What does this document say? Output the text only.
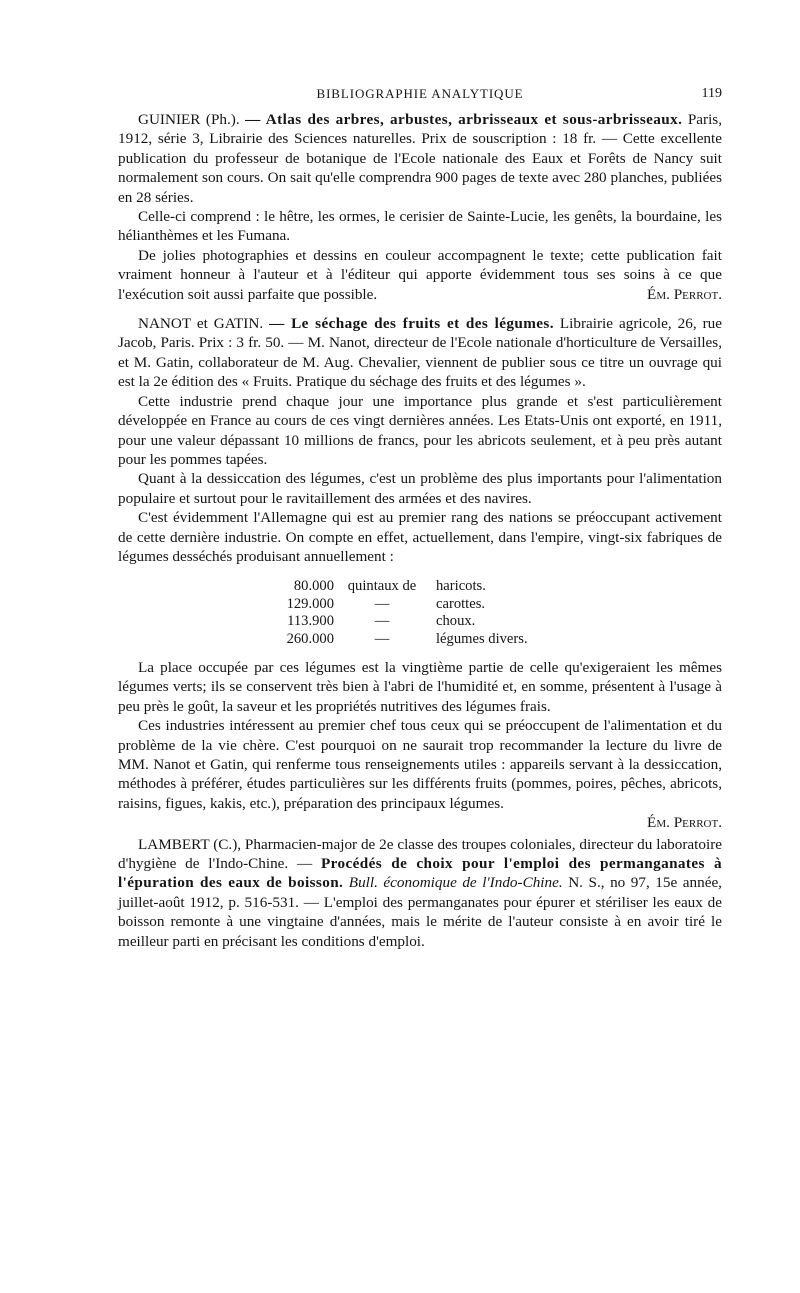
BIBLIOGRAPHIE ANALYTIQUE	119

GUINIER (Ph.). — Atlas des arbres, arbustes, arbrisseaux et sous-arbrisseaux. Paris, 1912, série 3, Librairie des Sciences naturelles. Prix de souscription : 18 fr. — Cette excellente publication du professeur de botanique de l'Ecole nationale des Eaux et Forêts de Nancy suit normalement son cours. On sait qu'elle comprendra 900 pages de texte avec 280 planches, publiées en 28 séries.

Celle-ci comprend : le hêtre, les ormes, le cerisier de Sainte-Lucie, les genêts, la bourdaine, les hélianthèmes et les Fumana.

De jolies photographies et dessins en couleur accompagnent le texte; cette publication fait vraiment honneur à l'auteur et à l'éditeur qui apporte évidemment tous ses soins à ce que l'exécution soit aussi parfaite que possible.	Ém. Perrot.

NANOT et GATIN. — Le séchage des fruits et des légumes. Librairie agricole, 26, rue Jacob, Paris. Prix : 3 fr. 50. — M. Nanot, directeur de l'Ecole nationale d'horticulture de Versailles, et M. Gatin, collaborateur de M. Aug. Chevalier, viennent de publier sous ce titre un ouvrage qui est la 2e édition des « Fruits. Pratique du séchage des fruits et des légumes ».

Cette industrie prend chaque jour une importance plus grande et s'est particulièrement développée en France au cours de ces vingt dernières années. Les Etats-Unis ont exporté, en 1911, pour une valeur dépassant 10 millions de francs, pour les abricots seulement, et à peu près autant pour les pommes tapées.

Quant à la dessiccation des légumes, c'est un problème des plus importants pour l'alimentation populaire et surtout pour le ravitaillement des armées et des navires.

C'est évidemment l'Allemagne qui est au premier rang des nations se préoccupant activement de cette dernière industrie. On compte en effet, actuellement, dans l'empire, vingt-six fabriques de légumes desséchés produisant annuellement :

80.000	quintaux de	haricots.
129.000	—	carottes.
113.900	—	choux.
260.000	—	légumes divers.

La place occupée par ces légumes est la vingtième partie de celle qu'exigeraient les mêmes légumes verts; ils se conservent très bien à l'abri de l'humidité et, en somme, présentent à l'usage à peu près le goût, la saveur et les propriétés nutritives des légumes frais.

Ces industries intéressent au premier chef tous ceux qui se préoccupent de l'alimentation et du problème de la vie chère. C'est pourquoi on ne saurait trop recommander la lecture du livre de MM. Nanot et Gatin, qui renferme tous renseignements utiles : appareils servant à la dessiccation, méthodes à préférer, études particulières sur les différents fruits (pommes, poires, pêches, abricots, raisins, figues, kakis, etc.), préparation des principaux légumes.

Ém. Perrot.

LAMBERT (C.), Pharmacien-major de 2e classe des troupes coloniales, directeur du laboratoire d'hygiène de l'Indo-Chine. — Procédés de choix pour l'emploi des permanganates à l'épuration des eaux de boisson. Bull. économique de l'Indo-Chine. N. S., no 97, 15e année, juillet-août 1912, p. 516-531. — L'emploi des permanganates pour épurer et stériliser les eaux de boisson remonte à une vingtaine d'années, mais le mérite de l'auteur consiste à en avoir tiré le meilleur parti en précisant les conditions d'emploi.
